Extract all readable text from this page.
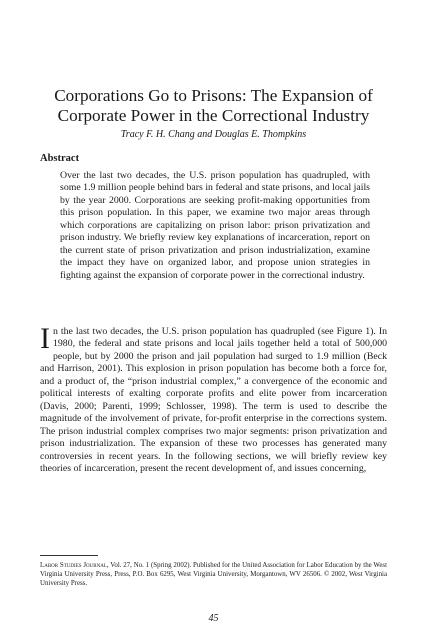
Corporations Go to Prisons: The Expansion of Corporate Power in the Correctional Industry
Tracy F. H. Chang and Douglas E. Thompkins
Abstract

Over the last two decades, the U.S. prison population has quadrupled, with some 1.9 million people behind bars in federal and state prisons, and local jails by the year 2000. Corporations are seeking profit-making opportunities from this prison population. In this paper, we examine two major areas through which corporations are capitalizing on prison labor: prison privatization and prison industry. We briefly review key explanations of incarceration, report on the current state of prison privatization and prison industrialization, examine the impact they have on organized labor, and propose union strategies in fighting against the expansion of corporate power in the correctional industry.

In the last two decades, the U.S. prison population has quadrupled (see Figure 1). In 1980, the federal and state prisons and local jails together held a total of 500,000 people, but by 2000 the prison and jail population had surged to 1.9 million (Beck and Harrison, 2001). This explosion in prison population has become both a force for, and a product of, the “prison industrial complex,” a convergence of the economic and political interests of exalting corporate profits and elite power from incarceration (Davis, 2000; Parenti, 1999; Schlosser, 1998). The term is used to describe the magnitude of the involvement of private, for-profit enterprise in the corrections system. The prison industrial complex comprises two major segments: prison privatization and prison industrialization. The expansion of these two processes has generated many controversies in recent years. In the following sections, we will briefly review key theories of incarceration, present the recent development of, and issues concerning,

Labor Studies Journal, Vol. 27, No. 1 (Spring 2002). Published for the United Association for Labor Education by the West Virginia University Press, Press, P.O. Box 6295, West Virginia University, Morgantown, WV 26506. © 2002, West Virginia University Press.

45
